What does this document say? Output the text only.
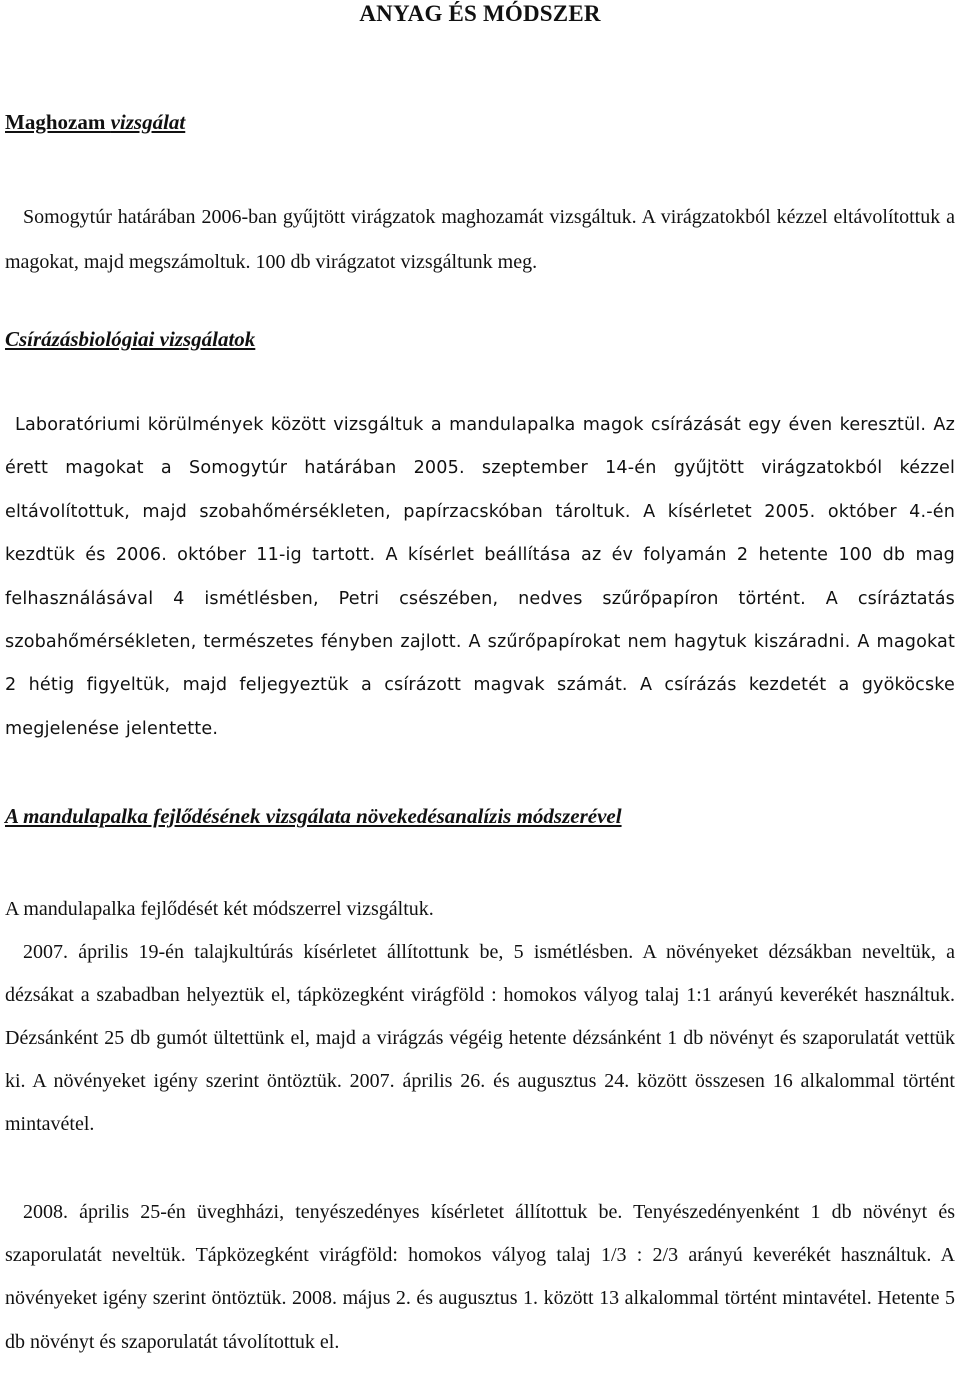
ANYAG ÉS MÓDSZER
Maghozam vizsgálat

Somogytúr határában 2006-ban gyűjtött virágzatok maghozamát vizsgáltuk. A virágzatokból kézzel eltávolítottuk a magokat, majd megszámoltuk. 100 db virágzatot vizsgáltunk meg.

Csírázásbiológiai vizsgálatok

Laboratóriumi körülmények között vizsgáltuk a mandulapalka magok csírázását egy éven keresztül. Az érett magokat a Somogytúr határában 2005. szeptember 14-én gyűjtött virágzatokból kézzel eltávolítottuk, majd szobahőmérsékleten, papírzacskóban tároltuk. A kísérletet 2005. október 4.-én kezdtük és 2006. október 11-ig tartott. A kísérlet beállítása az év folyamán 2 hetente 100 db mag felhasználásával 4 ismétlésben, Petri csészében, nedves szűrőpapíron történt. A csíráztatás szobahőmérsékleten, természetes fényben zajlott. A szűrőpapírokat nem hagytuk kiszáradni. A magokat 2 hétig figyeltük, majd feljegyeztük a csírázott magvak számát. A csírázás kezdetét a gyököcske megjelenése jelentette.

A mandulapalka fejlődésének vizsgálata növekedésanalízis módszerével

A mandulapalka fejlődését két módszerrel vizsgáltuk.

2007. április 19-én talajkultúrás kísérletet állítottunk be, 5 ismétlésben. A növényeket dézsákban neveltük, a dézsákat a szabadban helyeztük el, tápközegként virágföld : homokos vályog talaj 1:1 arányú keverékét használtuk. Dézsánként 25 db gumót ültettünk el, majd a virágzás végéig hetente dézsánként 1 db növényt és szaporulatát vettük ki. A növényeket igény szerint öntöztük. 2007. április 26. és augusztus 24. között összesen 16 alkalommal történt mintavétel.

2008. április 25-én üveghházi, tenyészedényes kísérletet állítottuk be. Tenyészedényenként 1 db növényt és szaporulatát neveltük. Tápközegként virágföld: homokos vályog talaj 1/3 : 2/3 arányú keverékét használtuk. A növényeket igény szerint öntöztük. 2008. május 2. és augusztus 1. között 13 alkalommal történt mintavétel. Hetente 5 db növényt és szaporulatát távolítottuk el.
